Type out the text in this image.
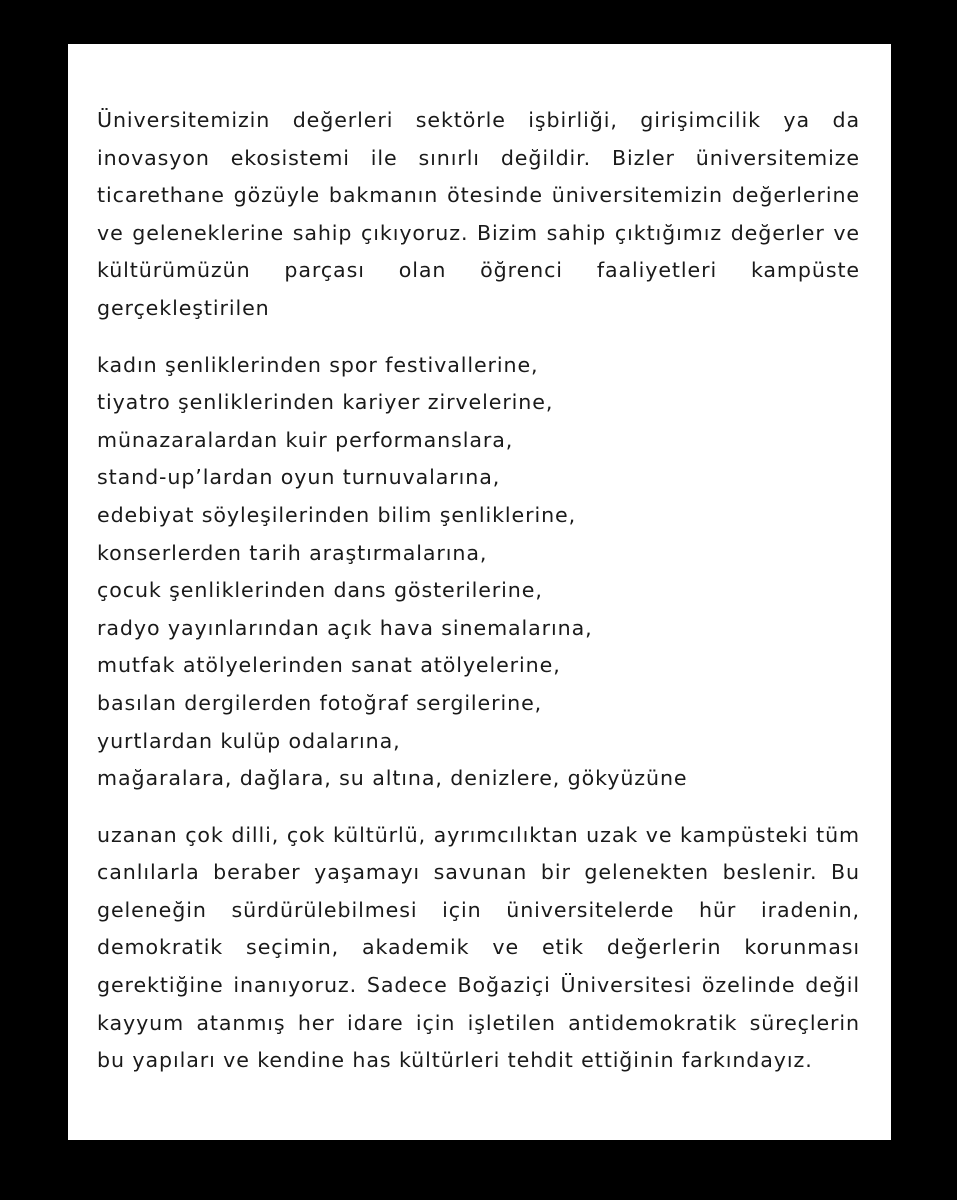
Üniversitemizin değerleri sektörle işbirliği, girişimcilik ya da inovasyon ekosistemi ile sınırlı değildir. Bizler üniversitemize ticarethane gözüyle bakmanın ötesinde üniversitemizin değerlerine ve geleneklerine sahip çıkıyoruz. Bizim sahip çıktığımız değerler ve kültürümüzün parçası olan öğrenci faaliyetleri kampüste gerçekleştirilen

kadın şenliklerinden spor festivallerine,
tiyatro şenliklerinden kariyer zirvelerine,
münazaralardan kuir performanslara,
stand-up’lardan oyun turnuvalarına,
edebiyat söyleşilerinden bilim şenliklerine,
konserlerden tarih araştırmalarına,
çocuk şenliklerinden dans gösterilerine,
radyo yayınlarından açık hava sinemalarına,
mutfak atölyelerinden sanat atölyelerine,
basılan dergilerden fotoğraf sergilerine,
yurtlardan kulüp odalarına,
mağaralara, dağlara, su altına, denizlere, gökyüzüne

uzanan çok dilli, çok kültürlü, ayrımcılıktan uzak ve kampüsteki tüm canlılarla beraber yaşamayı savunan bir gelenekten beslenir. Bu geleneğin sürdürülebilmesi için üniversitelerde hür iradenin, demokratik seçimin, akademik ve etik değerlerin korunması gerektiğine inanıyoruz. Sadece Boğaziçi Üniversitesi özelinde değil kayyum atanmış her idare için işletilen antidemokratik süreçlerin bu yapıları ve kendine has kültürleri tehdit ettiğinin farkındayız.
